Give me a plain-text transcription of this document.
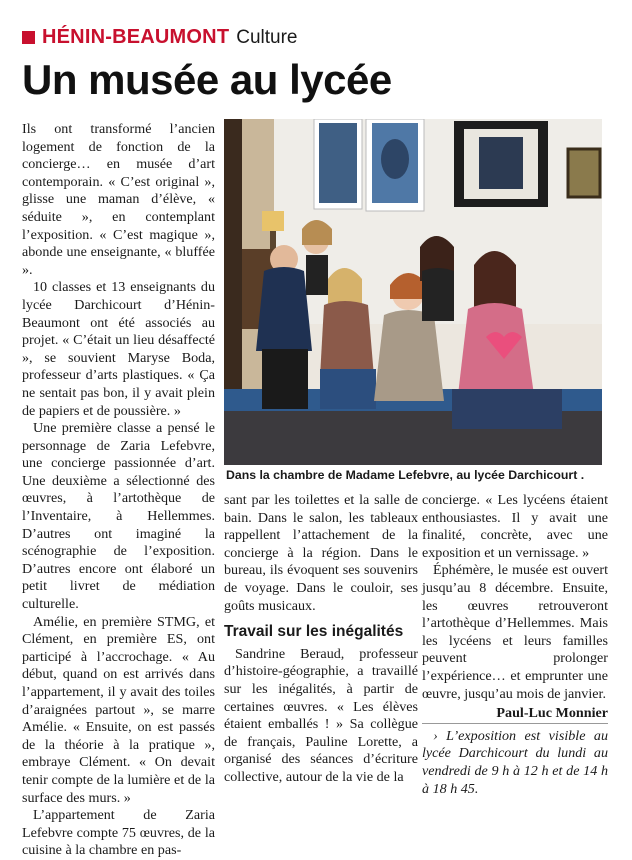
HÉNIN-BEAUMONT Culture
Un musée au lycée

Ils ont transformé l’ancien logement de fonction de la concierge… en musée d’art contemporain. « C’est original », glisse une maman d’élève, « séduite », en contemplant l’exposition. « C’est magique », abonde une enseignante, « bluffée ».

10 classes et 13 enseignants du lycée Darchicourt d’Hénin-Beaumont ont été associés au projet. « C’était un lieu désaffecté », se souvient Maryse Boda, professeur d’arts plastiques. « Ça ne sentait pas bon, il y avait plein de papiers et de poussière. »

Une première classe a pensé le personnage de Zaria Lefebvre, une concierge passionnée d’art. Une deuxième a sélectionné des œuvres, à l’artothèque de l’Inventaire, à Hellemmes. D’autres ont imaginé la scénographie de l’exposition. D’autres encore ont élaboré un petit livret de médiation culturelle.

Amélie, en première STMG, et Clément, en première ES, ont participé à l’accrochage. « Au début, quand on est arrivés dans l’appartement, il y avait des toiles d’araignées partout », se marre Amélie. « Ensuite, on est passés de la théorie à la pratique », embraye Clément. « On devait tenir compte de la lumière et de la surface des murs. »

L’appartement de Zaria Lefebvre compte 75 œuvres, de la cuisine à la chambre en pas-

Dans la chambre de Madame Lefebvre, au lycée Darchicourt .

sant par les toilettes et la salle de bain. Dans le salon, les tableaux rappellent l’attachement de la concierge à la région. Dans le bureau, ils évoquent ses souvenirs de voyage. Dans le couloir, ses goûts musicaux.

Travail sur les inégalités

Sandrine Beraud, professeur d’histoire-géographie, a travaillé sur les inégalités, à partir de certaines œuvres. « Les élèves étaient emballés ! » Sa collègue de français, Pauline Lorette, a organisé des séances d’écriture collective, autour de la vie de la

concierge. « Les lycéens étaient enthousiastes. Il y avait une finalité, concrète, avec une exposition et un vernissage. »

Éphémère, le musée est ouvert jusqu’au 8 décembre. Ensuite, les œuvres retrouveront l’artothèque d’Hellemmes. Mais les lycéens et leurs familles peuvent prolonger l’expérience… et emprunter une œuvre, jusqu’au mois de janvier.

Paul-Luc Monnier

› L’exposition est visible au lycée Darchicourt du lundi au vendredi de 9 h à 12 h et de 14 h à 18 h 45.
